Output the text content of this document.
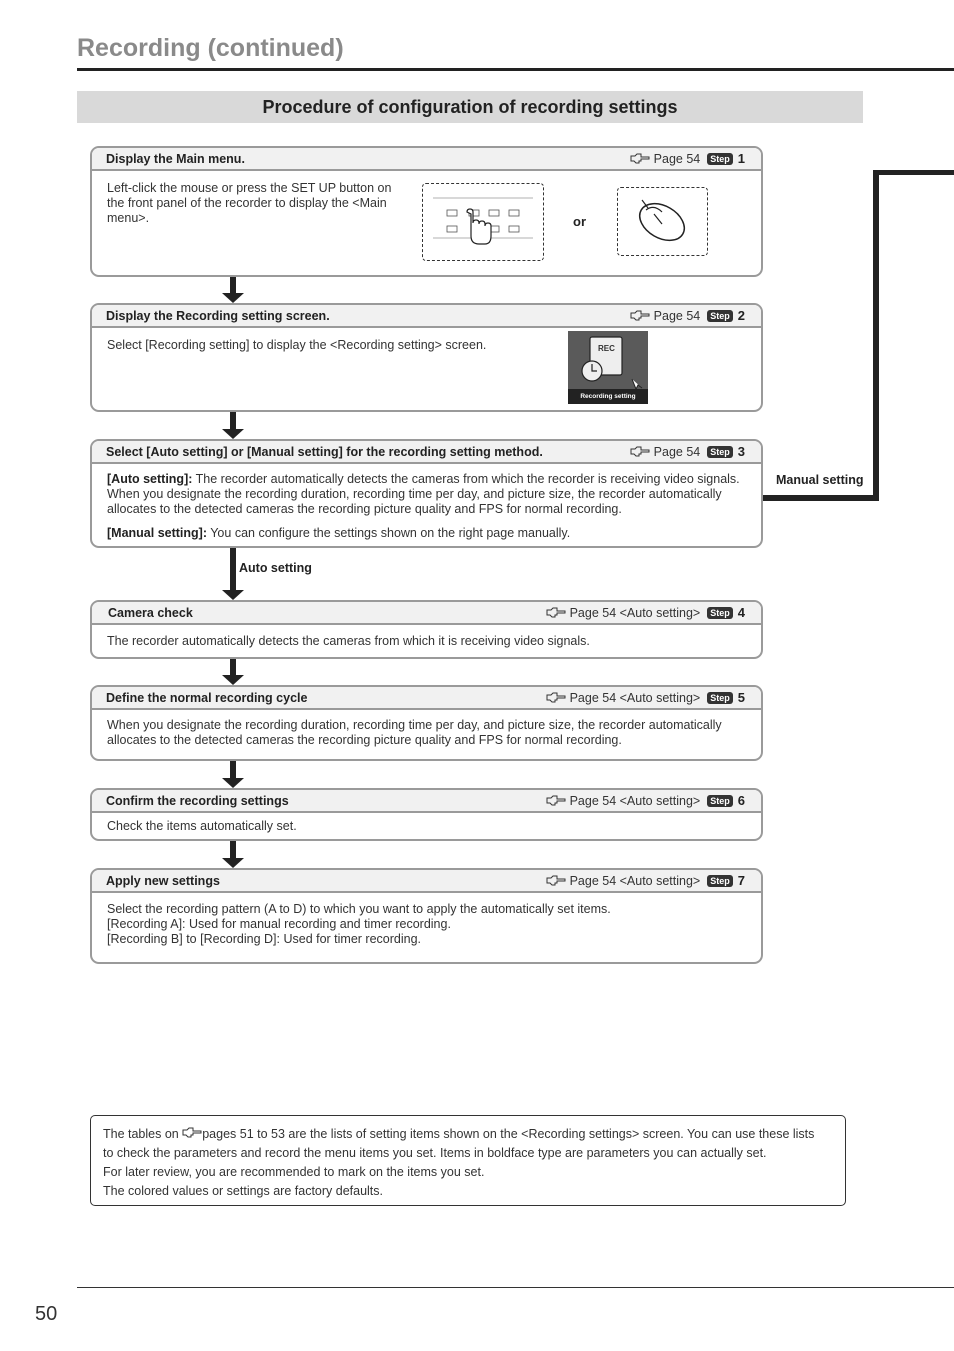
Recording (continued)
Procedure of configuration of recording settings
Display the Main menu.	Page 54	Step 1
Left-click the mouse or press the SET UP button on the front panel of the recorder to display the <Main menu>.	or
Display the Recording setting screen.	Page 54	Step 2
Select [Recording setting] to display the <Recording setting> screen.	REC
Recording setting
Select [Auto setting] or [Manual setting] for the recording setting method.	Page 54	Step 3

[Auto setting]: The recorder automatically detects the cameras from which the recorder is receiving video signals. When you designate the recording duration, recording time per day, and picture size, the recorder automatically allocates to the detected cameras the recording picture quality and FPS for normal recording.

[Manual setting]: You can configure the settings shown on the right page manually.

Manual setting
Auto setting
Camera check	Page 54 <Auto setting>	Step 4
The recorder automatically detects the cameras from which it is receiving video signals.
Define the normal recording cycle	Page 54 <Auto setting>	Step 5
When you designate the recording duration, recording time per day, and picture size, the recorder automatically allocates to the detected cameras the recording picture quality and FPS for normal recording.
Confirm the recording settings	Page 54 <Auto setting>	Step 6
Check the items automatically set.
Apply new settings	Page 54 <Auto setting>	Step 7
Select the recording pattern (A to D) to which you want to apply the automatically set items.
[Recording A]: Used for manual recording and timer recording.
[Recording B] to [Recording D]: Used for timer recording.
The tables on pages 51 to 53 are the lists of setting items shown on the <Recording settings> screen. You can use these lists
to check the parameters and record the menu items you set. Items in boldface type are parameters you can actually set.
For later review, you are recommended to mark on the items you set.
The colored values or settings are factory defaults.
50
